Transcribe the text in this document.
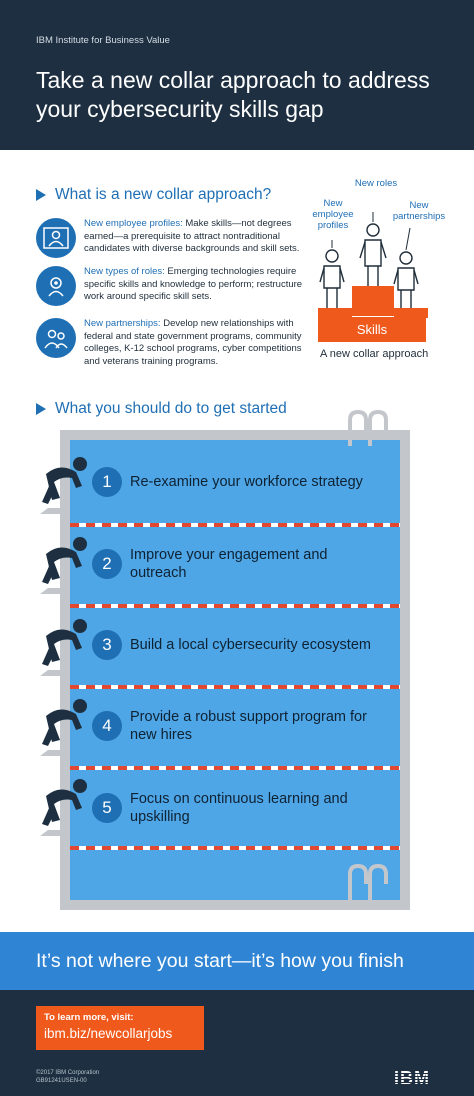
IBM Institute for Business Value
Take a new collar approach to address your cybersecurity skills gap
What is a new collar approach?
New employee profiles: Make skills—not degrees earned—a prerequisite to attract nontraditional candidates with diverse backgrounds and skill sets.
New types of roles: Emerging technologies require specific skills and knowledge to perform; restructure work around specific skill sets.
New partnerships: Develop new relationships with federal and state government programs, community colleges, K-12 school programs, cyber competitions and veterans training programs.
New roles
New employee profiles
New partnerships
Skills
A new collar approach
What you should do to get started
1	Re-examine your workforce strategy
2	Improve your engagement and outreach
3	Build a local cybersecurity ecosystem
4	Provide a robust support program for new hires
5	Focus on continuous learning and upskilling
It’s not where you start—it’s how you finish
To learn more, visit:
ibm.biz/newcollarjobs
©2017 IBM Corporation
GB91241USEN-00	IBM
